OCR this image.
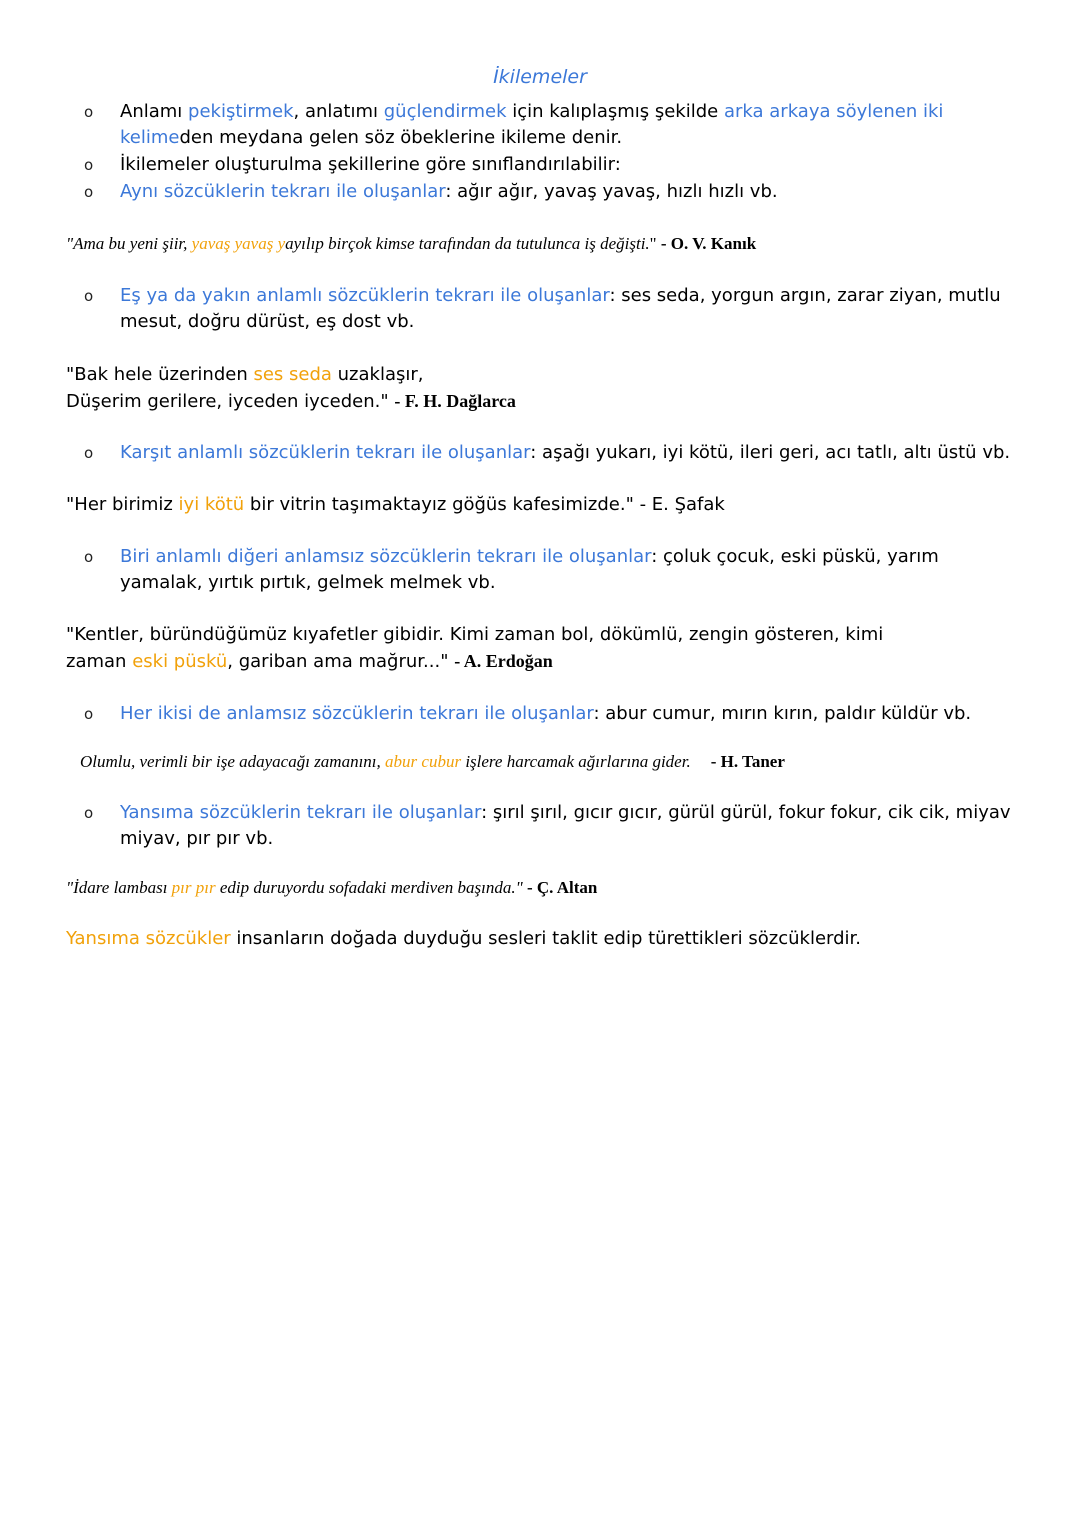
İkilemeler
o	Anlamı pekiştirmek, anlatımı güçlendirmek için kalıplaşmış şekilde arka arkaya söylenen iki kelimeden meydana gelen söz öbeklerine ikileme denir.
o	İkilemeler oluşturulma şekillerine göre sınıflandırılabilir:
o	Aynı sözcüklerin tekrarı ile oluşanlar: ağır ağır, yavaş yavaş, hızlı hızlı vb.
"Ama bu yeni şiir, yavaş yavaş yayılıp birçok kimse tarafından da tutulunca iş değişti." - O. V. Kanık
o	Eş ya da yakın anlamlı sözcüklerin tekrarı ile oluşanlar: ses seda, yorgun argın, zarar ziyan, mutlu mesut, doğru dürüst, eş dost vb.
"Bak hele üzerinden ses seda uzaklaşır,
Düşerim gerilere, iyceden iyceden." - F. H. Dağlarca
o	Karşıt anlamlı sözcüklerin tekrarı ile oluşanlar: aşağı yukarı, iyi kötü, ileri geri, acı tatlı, altı üstü vb.
"Her birimiz iyi kötü bir vitrin taşımaktayız göğüs kafesimizde." - E. Şafak
o	Biri anlamlı diğeri anlamsız sözcüklerin tekrarı ile oluşanlar: çoluk çocuk, eski püskü, yarım yamalak, yırtık pırtık, gelmek melmek vb.
"Kentler, büründüğümüz kıyafetler gibidir. Kimi zaman bol, dökümlü, zengin gösteren, kimi
zaman eski püskü, gariban ama mağrur..." - A. Erdoğan
o	Her ikisi de anlamsız sözcüklerin tekrarı ile oluşanlar: abur cumur, mırın kırın, paldır küldür vb.
Olumlu, verimli bir işe adayacağı zamanını, abur cubur işlere harcamak ağırlarına gider. - H. Taner
o	Yansıma sözcüklerin tekrarı ile oluşanlar: şırıl şırıl, gıcır gıcır, gürül gürül, fokur fokur, cik cik, miyav miyav, pır pır vb.
"İdare lambası pır pır edip duruyordu sofadaki merdiven başında." - Ç. Altan
Yansıma sözcükler insanların doğada duyduğu sesleri taklit edip türettikleri sözcüklerdir.
